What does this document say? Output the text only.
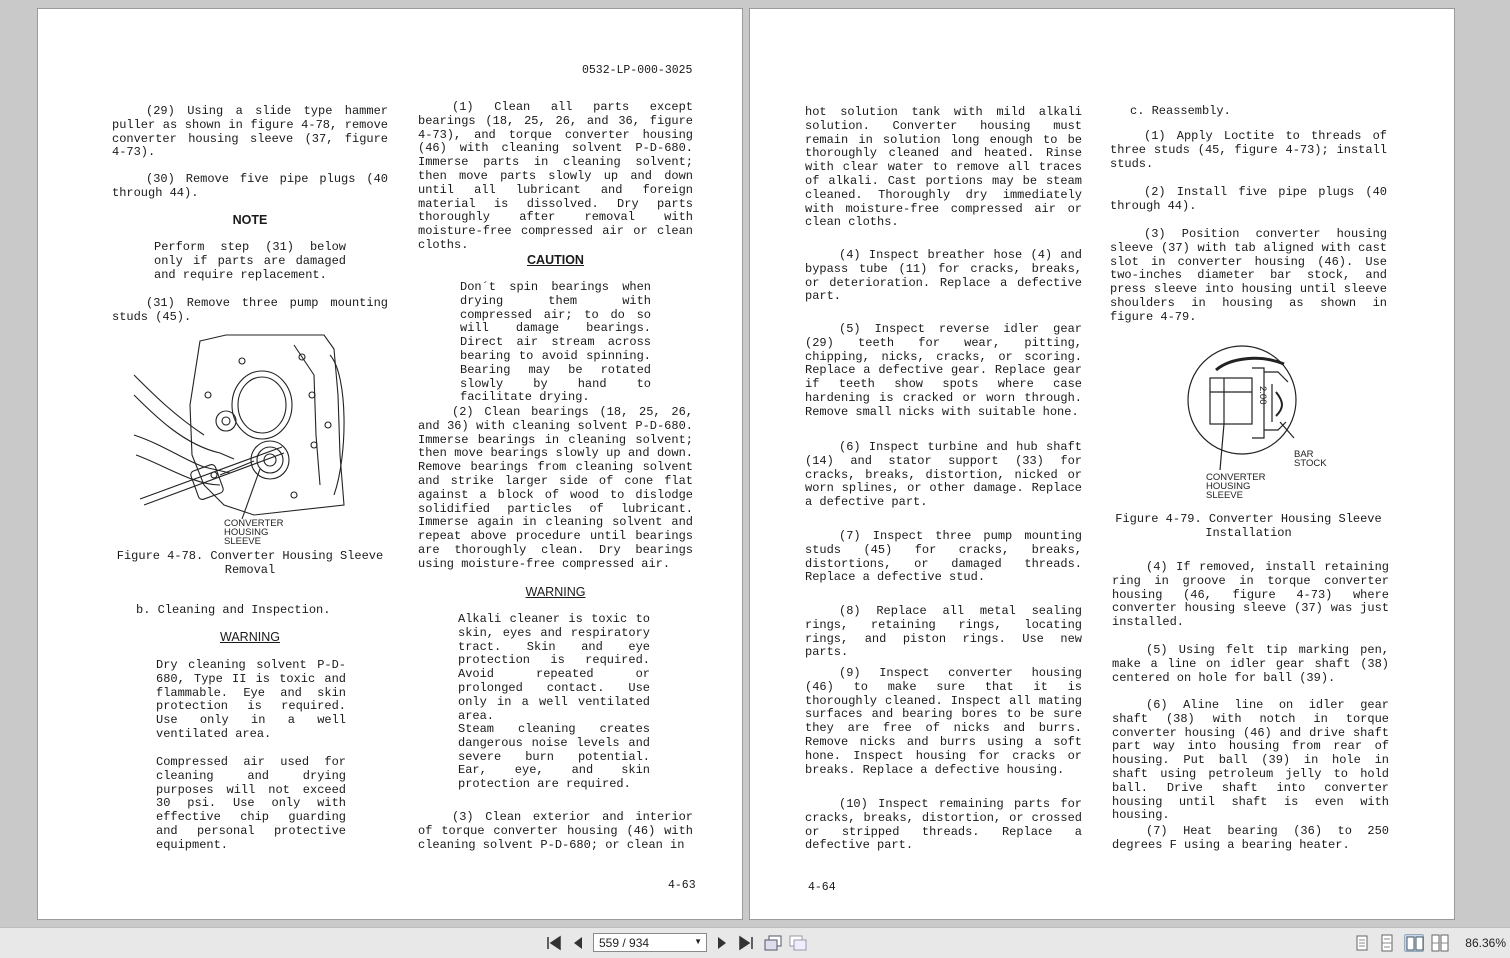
0532-LP-000-3025

(29) Using a slide type hammer puller as shown in figure 4-78, remove converter housing sleeve (37, figure 4-73).

(30) Remove five pipe plugs (40 through 44).

NOTE
Perform step (31) below only if parts are damaged and require replacement.
(31) Remove three pump mounting studs (45).
CONVERTER
HOUSING
SLEEVE
Figure 4-78. Converter Housing Sleeve Removal
b. Cleaning and Inspection.
WARNING
Dry cleaning solvent P-D-680, Type II is toxic and flammable. Eye and skin protection is required. Use only in a well ventilated area.
Compressed air used for cleaning and drying purposes will not exceed 30 psi. Use only with effective chip guarding and personal protective equipment.
(1) Clean all parts except bearings (18, 25, 26, and 36, figure 4-73), and torque converter housing (46) with cleaning solvent P-D-680. Immerse parts in cleaning solvent; then move parts slowly up and down until all lubricant and foreign material is dissolved. Dry parts thoroughly after removal with moisture-free compressed air or clean cloths.
CAUTION
Don´t spin bearings when drying them with compressed air; to do so will damage bearings. Direct air stream across bearing to avoid spinning. Bearing may be rotated slowly by hand to facilitate drying.
(2) Clean bearings (18, 25, 26, and 36) with cleaning solvent P-D-680. Immerse bearings in cleaning solvent; then move bearings slowly up and down. Remove bearings from cleaning solvent and strike larger side of cone flat against a block of wood to dislodge solidified particles of lubricant. Immerse again in cleaning solvent and repeat above procedure until bearings are thoroughly clean. Dry bearings using moisture-free compressed air.
WARNING
Alkali cleaner is toxic to skin, eyes and respiratory tract. Skin and eye protection is required. Avoid repeated or prolonged contact. Use only in a well ventilated area.
Steam cleaning creates dangerous noise levels and severe burn potential. Ear, eye, and skin protection are required.
(3) Clean exterior and interior of torque converter housing (46) with cleaning solvent P-D-680; or clean in
4-63
hot solution tank with mild alkali solution. Converter housing must remain in solution long enough to be thoroughly cleaned and heated. Rinse with clear water to remove all traces of alkali. Cast portions may be steam cleaned. Thoroughly dry immediately with moisture-free compressed air or clean cloths.
(4) Inspect breather hose (4) and bypass tube (11) for cracks, breaks, or deterioration. Replace a defective part.
(5) Inspect reverse idler gear (29) teeth for wear, pitting, chipping, nicks, cracks, or scoring. Replace a defective gear. Replace gear if teeth show spots where case hardening is cracked or worn through. Remove small nicks with suitable hone.
(6) Inspect turbine and hub shaft (14) and stator support (33) for cracks, breaks, distortion, nicked or worn splines, or other damage. Replace a defective part.
(7) Inspect three pump mounting studs (45) for cracks, breaks, distortions, or damaged threads. Replace a defective stud.
(8) Replace all metal sealing rings, retaining rings, locating rings, and piston rings. Use new parts.
(9) Inspect converter housing (46) to make sure that it is thoroughly cleaned. Inspect all mating surfaces and bearing bores to be sure they are free of nicks and burrs. Remove nicks and burrs using a soft hone. Inspect housing for cracks or breaks. Replace a defective housing.
(10) Inspect remaining parts for cracks, breaks, distortion, or crossed or stripped threads. Replace a defective part.
c. Reassembly.
(1) Apply Loctite to threads of three studs (45, figure 4-73); install studs.
(2) Install five pipe plugs (40 through 44).
(3) Position converter housing sleeve (37) with tab aligned with cast slot in converter housing (46). Use two-inches diameter bar stock, and press sleeve into housing until sleeve shoulders in housing as shown in figure 4-79.
2.00
BAR
STOCK
CONVERTER
HOUSING
SLEEVE
Figure 4-79. Converter Housing Sleeve Installation
(4) If removed, install retaining ring in groove in torque converter housing (46, figure 4-73) where converter housing sleeve (37) was just installed.
(5) Using felt tip marking pen, make a line on idler gear shaft (38) centered on hole for ball (39).
(6) Aline line on idler gear shaft (38) with notch in torque converter housing (46) and drive shaft part way into housing from rear of housing. Put ball (39) in hole in shaft using petroleum jelly to hold ball. Drive shaft into converter housing until shaft is even with housing.
(7) Heat bearing (36) to 250 degrees F using a bearing heater.
4-64
559 / 934	▼	86.36%
